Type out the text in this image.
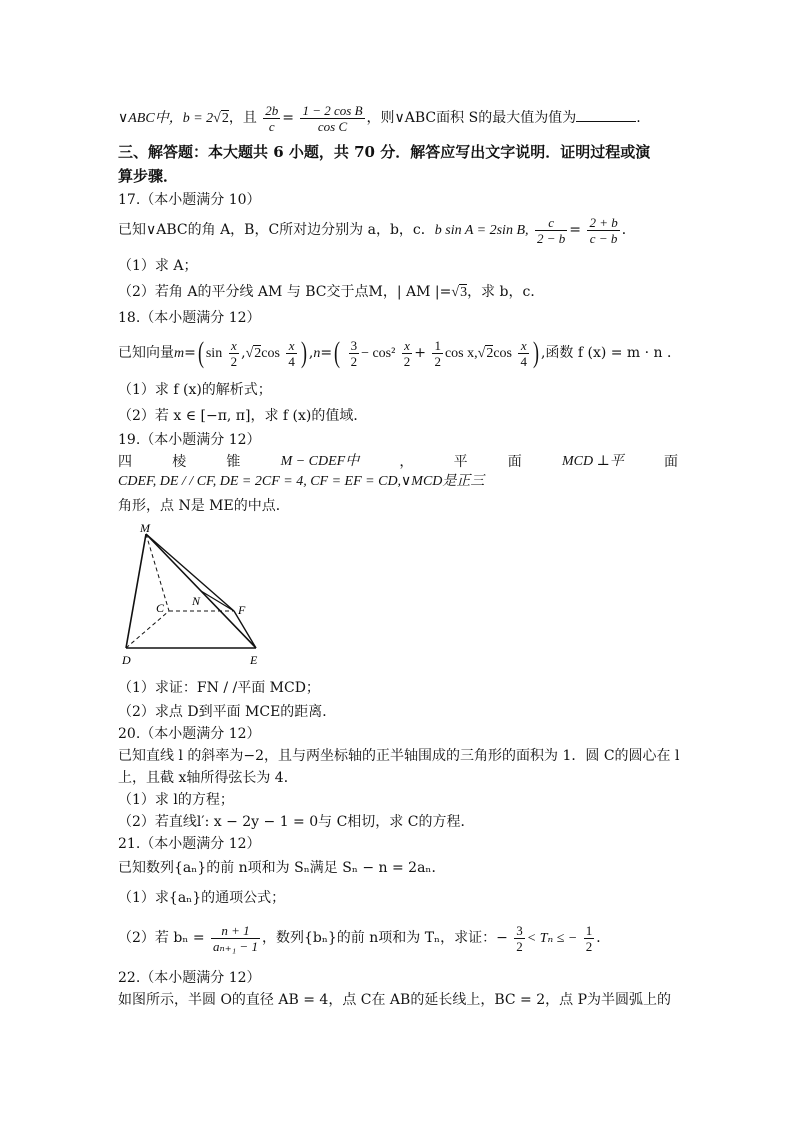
∨ABC中，b = 2√2，且 $\frac{2b}{c} = \frac{\text{1 − 2 cos B}}{\text{cos C}}$ ，则∨ABC面积 S的最大值为值为	.
三、解答题：本大题共 6 小题，共 70 分．解答应写出文字说明．证明过程或演
算步骤．
17.（本小题满分 10）
已知∨ABC的角 A，B，C所对边分别为 a，b，c．b sin A = 2sin B, $\frac{c}{2 - b} = \frac{2 + b}{c - b}$ ．
（1）求 A；
（2）若角 A的平分线 AM 与 BC交于点M，| AM |=√3，求 b，c．
18.（本小题满分 12）
已知向量m=( $\sin \frac{x}{2} ,√2\cos \frac{x}{4}$ ) $,n=( \frac{3}{2} - \cos^2 \frac{x}{2} + \frac{1}{2}$ $\cos x,√2\cos \frac{x}{4}$ ) ,函数 f (x) = m · n ．
（1）求 f (x)的解析式；
（2）若 x ∈ [−π, π]，求 f (x)的值域．
19.（本小题满分 12）
四	棱	锥	M − CDEF中	，	平	面	MCD ⊥平	面
CDEF, DE / / CF, DE = 2CF = 4, CF = EF = CD,∨MCD是正三
角形，点 N是 ME的中点．
M
C N
F
D	E
（1）求证：FN / /平面 MCD；
（2）求点 D到平面 MCE的距离．
20.（本小题满分 12）
已知直线 l 的斜率为−2，且与两坐标轴的正半轴围成的三角形的面积为 1．圆 C的圆心在 l
上，且截 x轴所得弦长为 4．
（1）求 l的方程；
（2）若直线l′: x − 2y − 1 = 0与 C相切，求 C的方程．
21.（本小题满分 12）
已知数列{aₙ}的前 n项和为 Sₙ满足 Sₙ − n = 2aₙ．
（1）求{aₙ}的通项公式；
（2）若 $b_n = \frac{n + 1}{\text{aₙ₊₁ − 1}}$ ，数列{bₙ}的前 n项和为 Tₙ，求证：− $\frac{3}{2} < T_n$ ≤ − $\frac{1}{2}$ ．
22.（本小题满分 12）
如图所示，半圆 O的直径 AB = 4，点 C在 AB的延长线上，BC = 2，点 P为半圆弧上的
